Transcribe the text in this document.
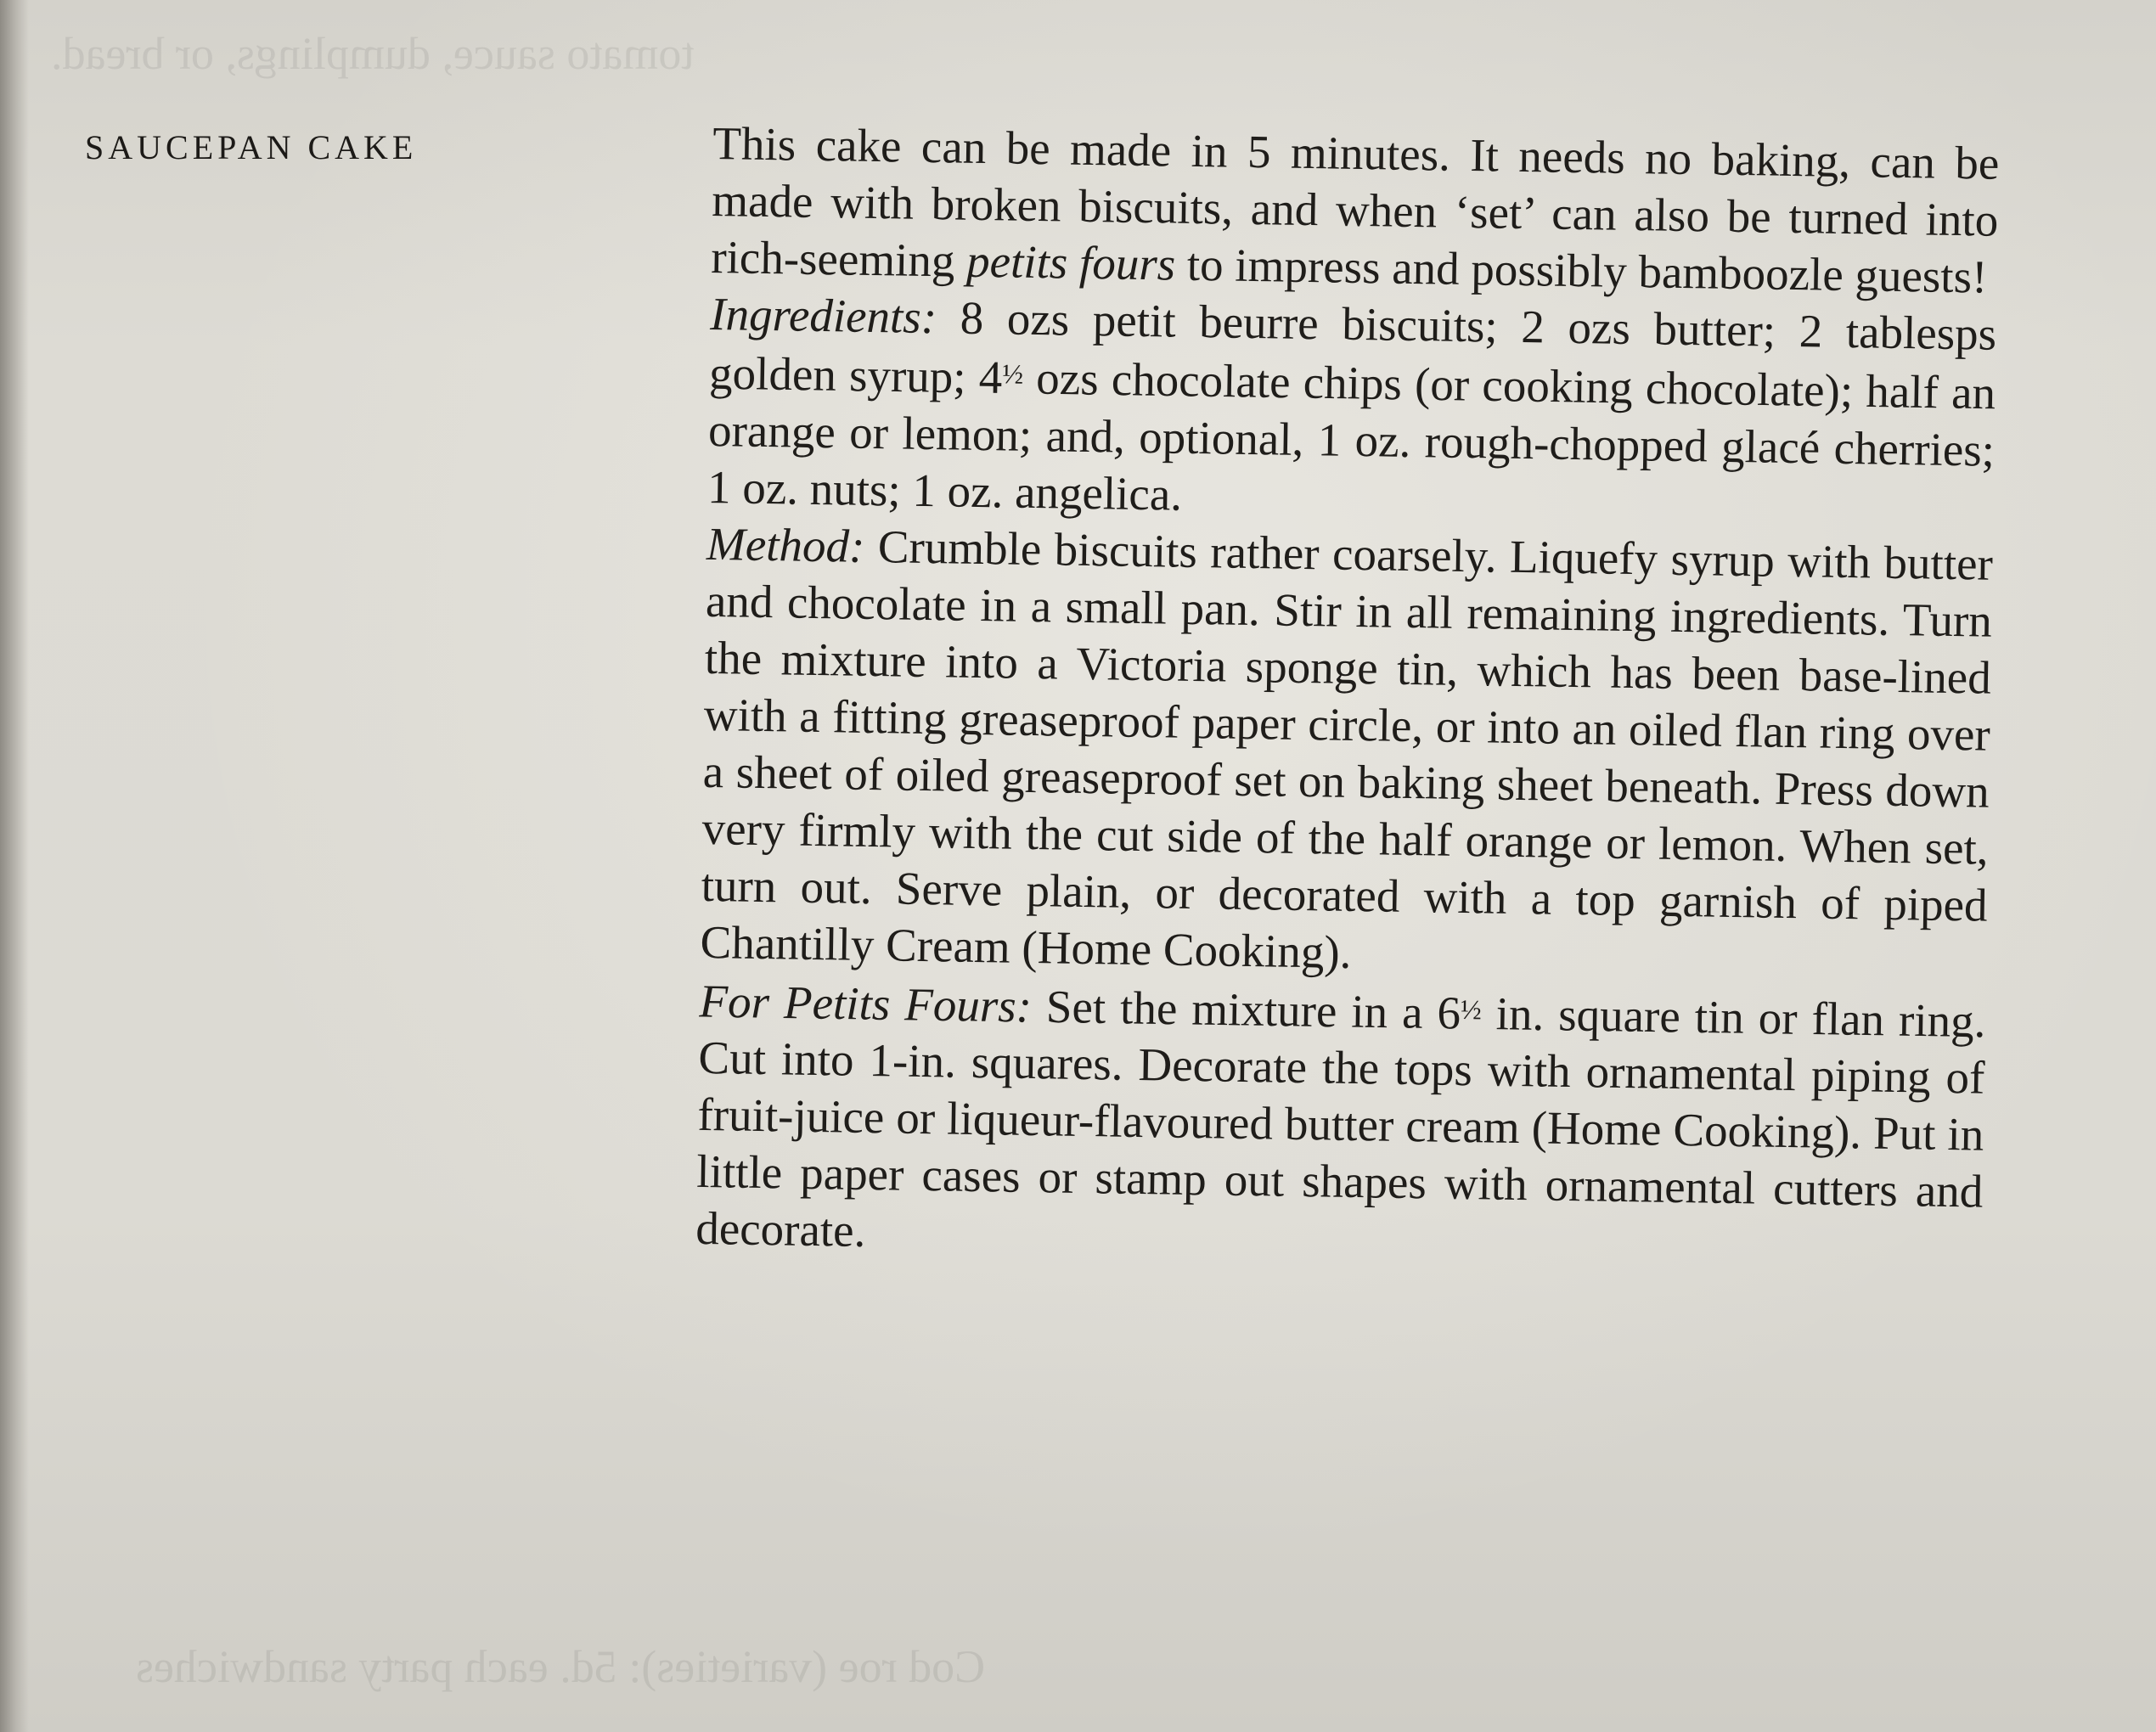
tomato sauce, dumplings, or bread.
Cod roe (varieties): 5d. each party sandwiches
SAUCEPAN CAKE	This cake can be made in 5 minutes. It needs no baking, can be made with broken biscuits, and when ‘set’ can also be turned into rich-seeming petits fours to impress and possibly bamboozle guests!

Ingredients: 8 ozs petit beurre biscuits; 2 ozs butter; 2 tablesps golden syrup; $4^{\frac{1}{2}}$ ozs chocolate chips (or cooking chocolate); half an orange or lemon; and, optional, 1 oz. rough-chopped glacé cherries; 1 oz. nuts; 1 oz. angelica.

Method: Crumble biscuits rather coarsely. Liquefy syrup with butter and chocolate in a small pan. Stir in all remaining ingredients. Turn the mixture into a Victoria sponge tin, which has been base-lined with a fitting greaseproof paper circle, or into an oiled flan ring over a sheet of oiled greaseproof set on baking sheet beneath. Press down very firmly with the cut side of the half orange or lemon. When set, turn out. Serve plain, or decorated with a top garnish of piped Chantilly Cream (Home Cooking).

For Petits Fours: Set the mixture in a $6^{\frac{1}{2}}$ in. square tin or flan ring. Cut into 1-in. squares. Decorate the tops with ornamental piping of fruit-juice or liqueur-flavoured butter cream (Home Cooking). Put in little paper cases or stamp out shapes with ornamental cutters and decorate.
